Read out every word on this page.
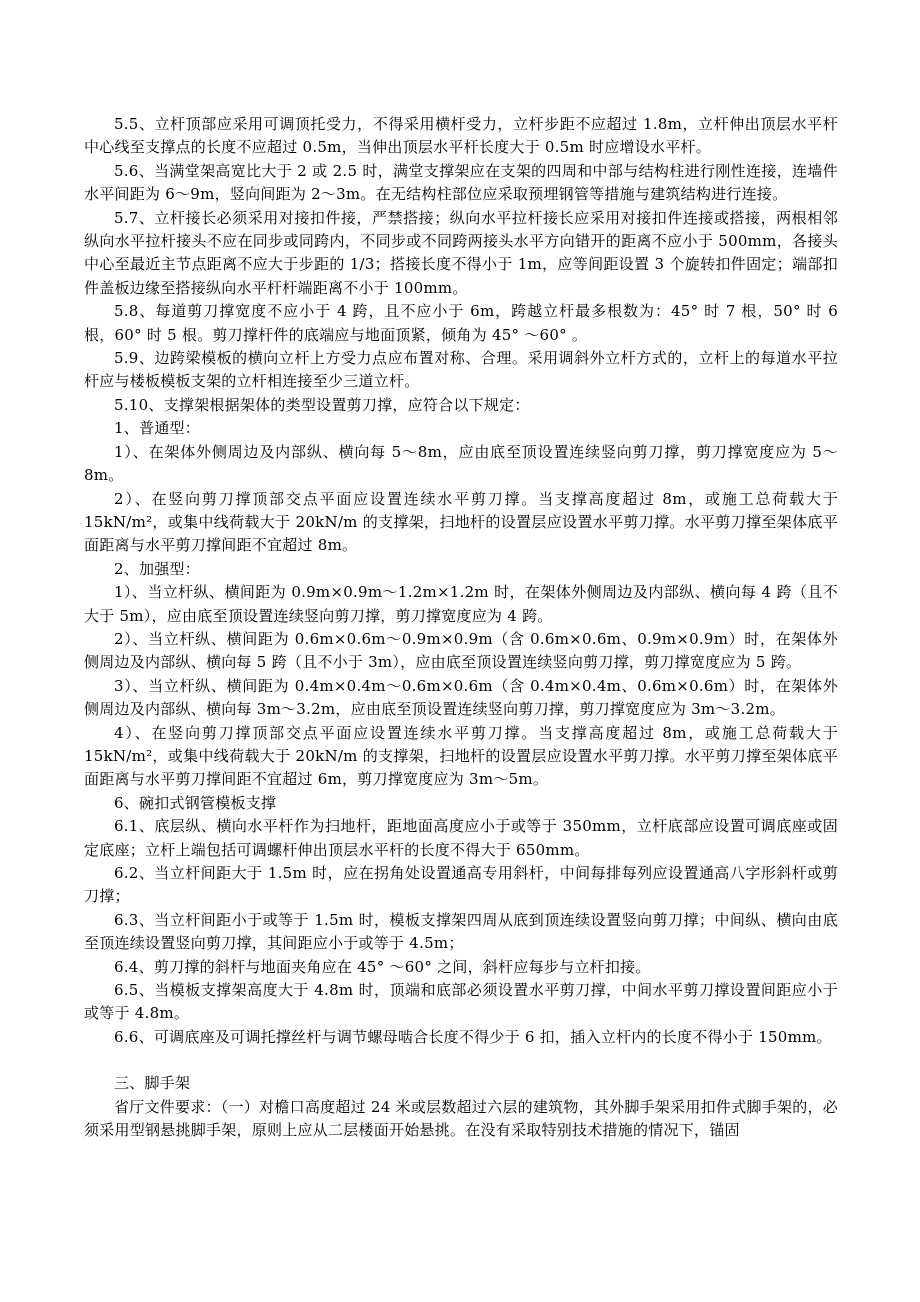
5.5、立杆顶部应采用可调顶托受力，不得采用横杆受力，立杆步距不应超过 1.8m，立杆伸出顶层水平杆中心线至支撑点的长度不应超过 0.5m，当伸出顶层水平杆长度大于 0.5m 时应增设水平杆。

5.6、当满堂架高宽比大于 2 或 2.5 时，满堂支撑架应在支架的四周和中部与结构柱进行刚性连接，连墙件水平间距为 6～9m，竖向间距为 2～3m。在无结构柱部位应采取预埋钢管等措施与建筑结构进行连接。

5.7、立杆接长必须采用对接扣件接，严禁搭接；纵向水平拉杆接长应采用对接扣件连接或搭接，两根相邻纵向水平拉杆接头不应在同步或同跨内，不同步或不同跨两接头水平方向错开的距离不应小于 500mm，各接头中心至最近主节点距离不应大于步距的 1/3；搭接长度不得小于 1m，应等间距设置 3 个旋转扣件固定；端部扣件盖板边缘至搭接纵向水平杆杆端距离不小于 100mm。

5.8、每道剪刀撑宽度不应小于 4 跨，且不应小于 6m，跨越立杆最多根数为：45° 时 7 根，50° 时 6 根，60° 时 5 根。剪刀撑杆件的底端应与地面顶紧，倾角为 45° ～60° 。

5.9、边跨梁模板的横向立杆上方受力点应布置对称、合理。采用调斜外立杆方式的，立杆上的每道水平拉杆应与楼板模板支架的立杆相连接至少三道立杆。

5.10、支撑架根据架体的类型设置剪刀撑，应符合以下规定：

1、普通型：

1）、在架体外侧周边及内部纵、横向每 5～8m，应由底至顶设置连续竖向剪刀撑，剪刀撑宽度应为 5～8m。

2）、在竖向剪刀撑顶部交点平面应设置连续水平剪刀撑。当支撑高度超过 8m，或施工总荷载大于 15kN/m²，或集中线荷载大于 20kN/m 的支撑架，扫地杆的设置层应设置水平剪刀撑。水平剪刀撑至架体底平面距离与水平剪刀撑间距不宜超过 8m。

2、加强型：

1）、当立杆纵、横间距为 0.9m×0.9m～1.2m×1.2m 时，在架体外侧周边及内部纵、横向每 4 跨（且不大于 5m），应由底至顶设置连续竖向剪刀撑，剪刀撑宽度应为 4 跨。

2）、当立杆纵、横间距为 0.6m×0.6m～0.9m×0.9m（含 0.6m×0.6m、0.9m×0.9m）时，在架体外侧周边及内部纵、横向每 5 跨（且不小于 3m），应由底至顶设置连续竖向剪刀撑，剪刀撑宽度应为 5 跨。

3）、当立杆纵、横间距为 0.4m×0.4m～0.6m×0.6m（含 0.4m×0.4m、0.6m×0.6m）时，在架体外侧周边及内部纵、横向每 3m～3.2m，应由底至顶设置连续竖向剪刀撑，剪刀撑宽度应为 3m～3.2m。

4）、在竖向剪刀撑顶部交点平面应设置连续水平剪刀撑。当支撑高度超过 8m，或施工总荷载大于 15kN/m²，或集中线荷载大于 20kN/m 的支撑架，扫地杆的设置层应设置水平剪刀撑。水平剪刀撑至架体底平面距离与水平剪刀撑间距不宜超过 6m，剪刀撑宽度应为 3m～5m。

6、碗扣式钢管模板支撑

6.1、底层纵、横向水平杆作为扫地杆，距地面高度应小于或等于 350mm，立杆底部应设置可调底座或固定底座；立杆上端包括可调螺杆伸出顶层水平杆的长度不得大于 650mm。

6.2、当立杆间距大于 1.5m 时，应在拐角处设置通高专用斜杆，中间每排每列应设置通高八字形斜杆或剪刀撑；

6.3、当立杆间距小于或等于 1.5m 时，模板支撑架四周从底到顶连续设置竖向剪刀撑；中间纵、横向由底至顶连续设置竖向剪刀撑，其间距应小于或等于 4.5m；

6.4、剪刀撑的斜杆与地面夹角应在 45° ～60° 之间，斜杆应每步与立杆扣接。

6.5、当模板支撑架高度大于 4.8m 时，顶端和底部必须设置水平剪刀撑，中间水平剪刀撑设置间距应小于或等于 4.8m。

6.6、可调底座及可调托撑丝杆与调节螺母啮合长度不得少于 6 扣，插入立杆内的长度不得小于 150mm。

三、脚手架

省厅文件要求：（一）对檐口高度超过 24 米或层数超过六层的建筑物，其外脚手架采用扣件式脚手架的，必须采用型钢悬挑脚手架，原则上应从二层楼面开始悬挑。在没有采取特别技术措施的情况下，锚固
